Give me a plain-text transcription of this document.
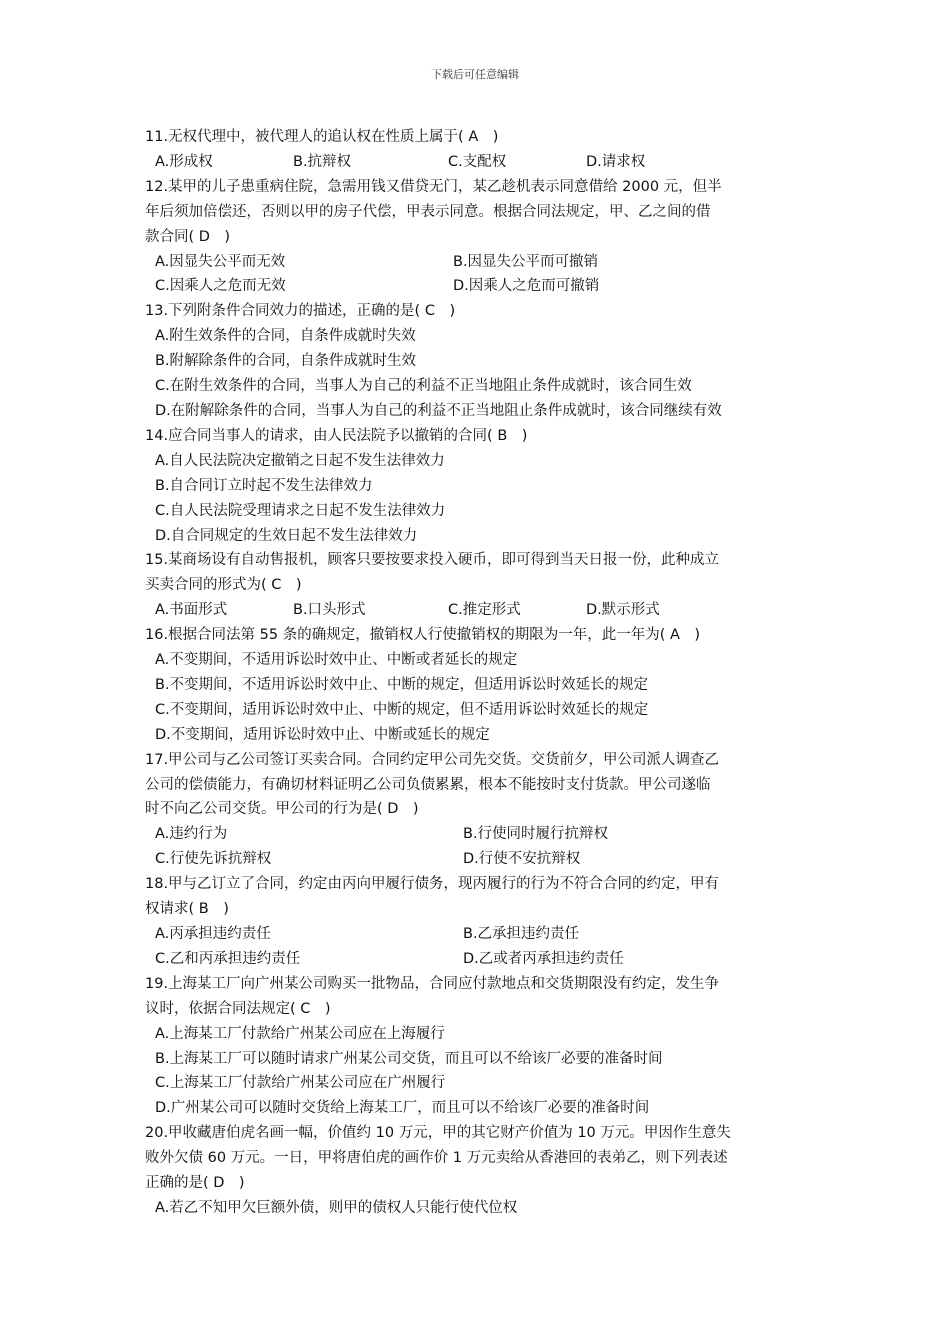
下载后可任意编辑
11.无权代理中，被代理人的追认权在性质上属于( A　)
A.形成权	B.抗辩权	C.支配权	D.请求权
12.某甲的儿子患重病住院，急需用钱又借贷无门，某乙趁机表示同意借给 2000 元，但半
年后须加倍偿还，否则以甲的房子代偿，甲表示同意。根据合同法规定，甲、乙之间的借
款合同( D　)
A.因显失公平而无效	B.因显失公平而可撤销
C.因乘人之危而无效	D.因乘人之危而可撤销
13.下列附条件合同效力的描述，正确的是( C　)
A.附生效条件的合同，自条件成就时失效
B.附解除条件的合同，自条件成就时生效
C.在附生效条件的合同，当事人为自己的利益不正当地阻止条件成就时，该合同生效
D.在附解除条件的合同，当事人为自己的利益不正当地阻止条件成就时，该合同继续有效
14.应合同当事人的请求，由人民法院予以撤销的合同( B　)
A.自人民法院决定撤销之日起不发生法律效力
B.自合同订立时起不发生法律效力
C.自人民法院受理请求之日起不发生法律效力
D.自合同规定的生效日起不发生法律效力
15.某商场设有自动售报机，顾客只要按要求投入硬币，即可得到当天日报一份，此种成立
买卖合同的形式为( C　)
A.书面形式	B.口头形式	C.推定形式	D.默示形式
16.根据合同法第 55 条的确规定，撤销权人行使撤销权的期限为一年，此一年为( A　)
A.不变期间，不适用诉讼时效中止、中断或者延长的规定
B.不变期间，不适用诉讼时效中止、中断的规定，但适用诉讼时效延长的规定
C.不变期间，适用诉讼时效中止、中断的规定，但不适用诉讼时效延长的规定
D.不变期间，适用诉讼时效中止、中断或延长的规定
17.甲公司与乙公司签订买卖合同。合同约定甲公司先交货。交货前夕，甲公司派人调查乙
公司的偿债能力，有确切材料证明乙公司负债累累，根本不能按时支付货款。甲公司遂临
时不向乙公司交货。甲公司的行为是( D　)
A.违约行为	B.行使同时履行抗辩权
C.行使先诉抗辩权	D.行使不安抗辩权
18.甲与乙订立了合同，约定由丙向甲履行债务，现丙履行的行为不符合合同的约定，甲有
权请求( B　)
A.丙承担违约责任	B.乙承担违约责任
C.乙和丙承担违约责任	D.乙或者丙承担违约责任
19.上海某工厂向广州某公司购买一批物品，合同应付款地点和交货期限没有约定，发生争
议时，依据合同法规定( C　)
A.上海某工厂付款给广州某公司应在上海履行
B.上海某工厂可以随时请求广州某公司交货，而且可以不给该厂必要的准备时间
C.上海某工厂付款给广州某公司应在广州履行
D.广州某公司可以随时交货给上海某工厂，而且可以不给该厂必要的准备时间
20.甲收藏唐伯虎名画一幅，价值约 10 万元，甲的其它财产价值为 10 万元。甲因作生意失
败外欠债 60 万元。一日，甲将唐伯虎的画作价 1 万元卖给从香港回的表弟乙，则下列表述
正确的是( D　)
A.若乙不知甲欠巨额外债，则甲的债权人只能行使代位权
